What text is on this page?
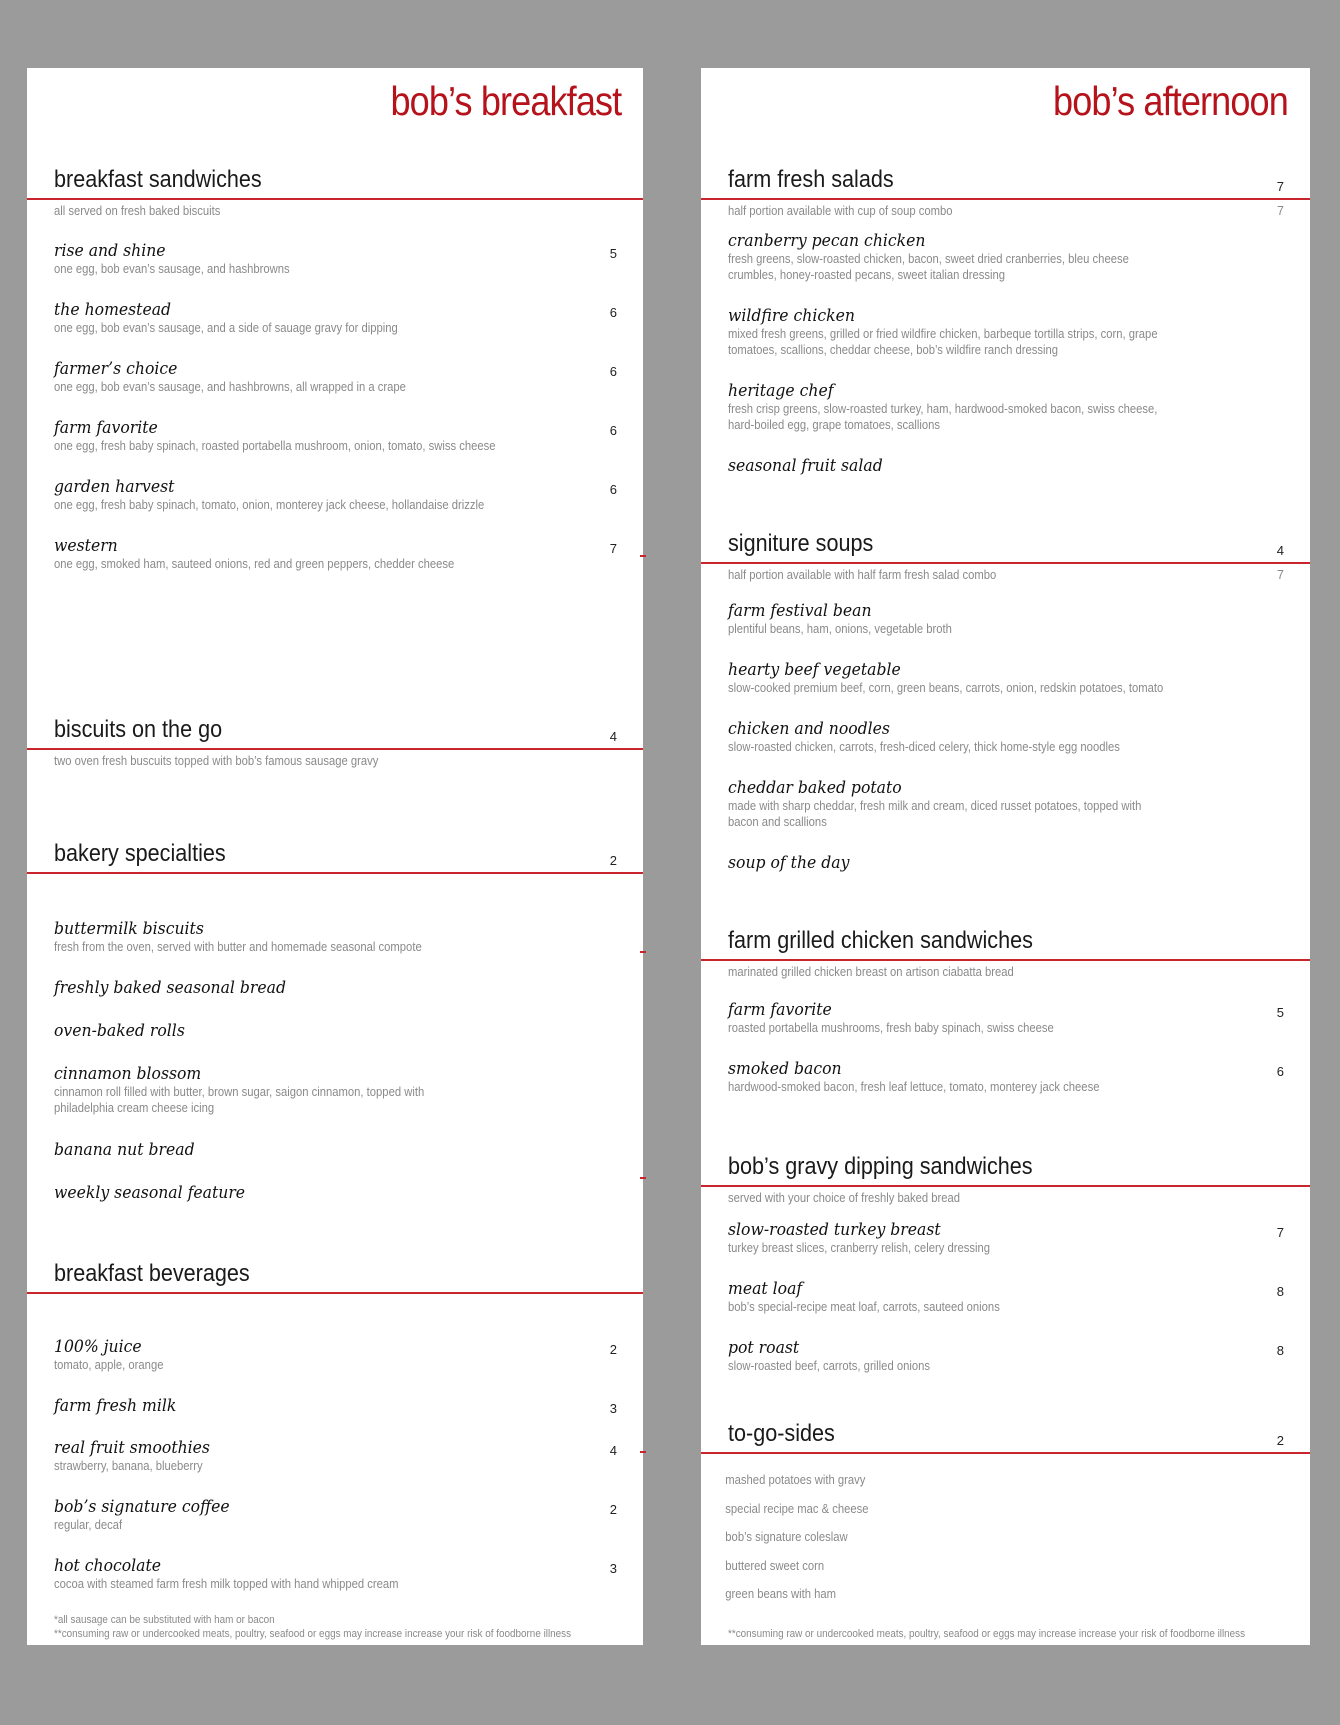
bob’s breakfast
breakfast sandwiches
all served on fresh baked biscuits
rise and shine
one egg, bob evan’s sausage, and hashbrowns
5
the homestead
one egg, bob evan’s sausage, and a side of sauage gravy for dipping
6
farmer’s choice
one egg, bob evan’s sausage, and hashbrowns, all wrapped in a crape
6
farm favorite
one egg, fresh baby spinach, roasted portabella mushroom, onion, tomato, swiss cheese
6
garden harvest
one egg, fresh baby spinach, tomato, onion, monterey jack cheese, hollandaise drizzle
6
western
one egg, smoked ham, sauteed onions, red and green peppers, chedder cheese
7
biscuits on the go	4
two oven fresh buscuits topped with bob’s famous sausage gravy
bakery specialties	2
buttermilk biscuits
fresh from the oven, served with butter and homemade seasonal compote
freshly baked seasonal bread
oven-baked rolls
cinnamon blossom
cinnamon roll filled with butter, brown sugar, saigon cinnamon, topped with philadelphia cream cheese icing
banana nut bread
weekly seasonal feature
breakfast beverages
100% juice
tomato, apple, orange
2
farm fresh milk	3
real fruit smoothies
strawberry, banana, blueberry
4
bob’s signature coffee
regular, decaf
2
hot chocolate
cocoa with steamed farm fresh milk topped with hand whipped cream
3
*all sausage can be substituted with ham or bacon
**consuming raw or undercooked meats, poultry, seafood or eggs may increase increase your risk of foodborne illness
bob’s afternoon
farm fresh salads	7
half portion available with cup of soup combo	7
cranberry pecan chicken
fresh greens, slow-roasted chicken, bacon, sweet dried cranberries, bleu cheese crumbles, honey-roasted pecans, sweet italian dressing
wildfire chicken
mixed fresh greens, grilled or fried wildfire chicken, barbeque tortilla strips, corn, grape tomatoes, scallions, cheddar cheese, bob’s wildfire ranch dressing
heritage chef
fresh crisp greens, slow-roasted turkey, ham, hardwood-smoked bacon, swiss cheese, hard-boiled egg, grape tomatoes, scallions
seasonal fruit salad
signiture soups	4
half portion available with half farm fresh salad combo	7
farm festival bean
plentiful beans, ham, onions, vegetable broth
hearty beef vegetable
slow-cooked premium beef, corn, green beans, carrots, onion, redskin potatoes, tomato
chicken and noodles
slow-roasted chicken, carrots, fresh-diced celery, thick home-style egg noodles
cheddar baked potato
made with sharp cheddar, fresh milk and cream, diced russet potatoes, topped with bacon and scallions
soup of the day
farm grilled chicken sandwiches
marinated grilled chicken breast on artison ciabatta bread
farm favorite
roasted portabella mushrooms, fresh baby spinach, swiss cheese
5
smoked bacon
hardwood-smoked bacon, fresh leaf lettuce, tomato, monterey jack cheese
6
bob’s gravy dipping sandwiches
served with your choice of freshly baked bread
slow-roasted turkey breast
turkey breast slices, cranberry relish, celery dressing
7
meat loaf
bob’s special-recipe meat loaf, carrots, sauteed onions
8
pot roast
slow-roasted beef, carrots, grilled onions
8
to-go-sides	2
mashed potatoes with gravy
special recipe mac & cheese
bob’s signature coleslaw
buttered sweet corn
green beans with ham
**consuming raw or undercooked meats, poultry, seafood or eggs may increase increase your risk of foodborne illness
